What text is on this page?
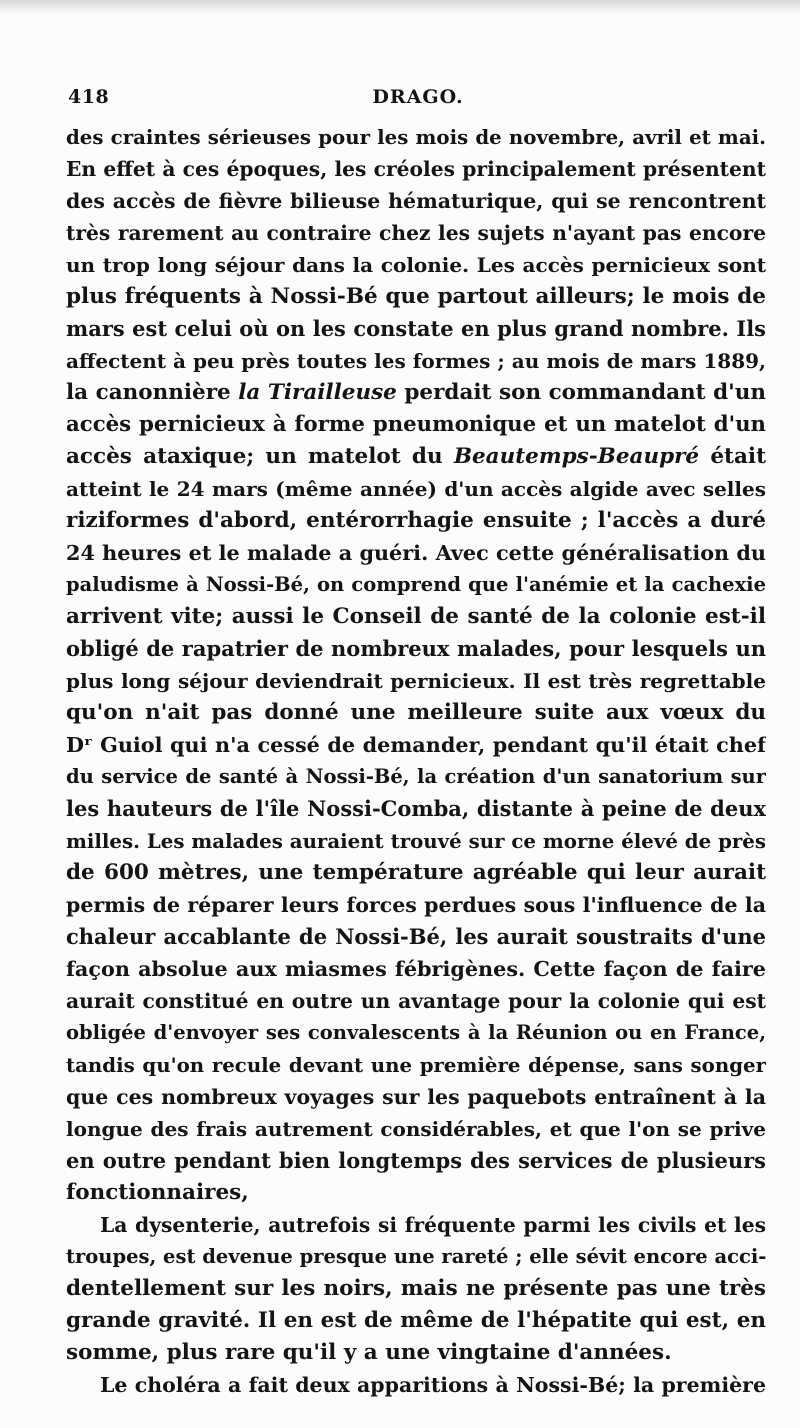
DRAGO.
418
des craintes sérieuses pour les mois de novembre, avril et mai.
En effet à ces époques, les créoles principalement présentent
des accès de fièvre bilieuse hématurique, qui se rencontrent
très rarement au contraire chez les sujets n'ayant pas encore
un trop long séjour dans la colonie. Les accès pernicieux sont
plus fréquents à Nossi-Bé que partout ailleurs; le mois de
mars est celui où on les constate en plus grand nombre. Ils
affectent à peu près toutes les formes ; au mois de mars 1889,
la canonnière la Tirailleuse perdait son commandant d'un
accès pernicieux à forme pneumonique et un matelot d'un
accès ataxique; un matelot du Beautemps-Beaupré était
atteint le 24 mars (même année) d'un accès algide avec selles
riziformes d'abord, entérorrhagie ensuite ; l'accès a duré
24 heures et le malade a guéri. Avec cette généralisation du
paludisme à Nossi-Bé, on comprend que l'anémie et la cachexie
arrivent vite; aussi le Conseil de santé de la colonie est-il
obligé de rapatrier de nombreux malades, pour lesquels un
plus long séjour deviendrait pernicieux. Il est très regrettable
qu'on n'ait pas donné une meilleure suite aux vœux du
Dʳ Guiol qui n'a cessé de demander, pendant qu'il était chef
du service de santé à Nossi-Bé, la création d'un sanatorium sur
les hauteurs de l'île Nossi-Comba, distante à peine de deux
milles. Les malades auraient trouvé sur ce morne élevé de près
de 600 mètres, une température agréable qui leur aurait
permis de réparer leurs forces perdues sous l'influence de la
chaleur accablante de Nossi-Bé, les aurait soustraits d'une
façon absolue aux miasmes fébrigènes. Cette façon de faire
aurait constitué en outre un avantage pour la colonie qui est
obligée d'envoyer ses convalescents à la Réunion ou en France,
tandis qu'on recule devant une première dépense, sans songer
que ces nombreux voyages sur les paquebots entraînent à la
longue des frais autrement considérables, et que l'on se prive
en outre pendant bien longtemps des services de plusieurs
fonctionnaires,
La dysenterie, autrefois si fréquente parmi les civils et les
troupes, est devenue presque une rareté ; elle sévit encore acci-
dentellement sur les noirs, mais ne présente pas une très
grande gravité. Il en est de même de l'hépatite qui est, en
somme, plus rare qu'il y a une vingtaine d'années.
Le choléra a fait deux apparitions à Nossi-Bé; la première
